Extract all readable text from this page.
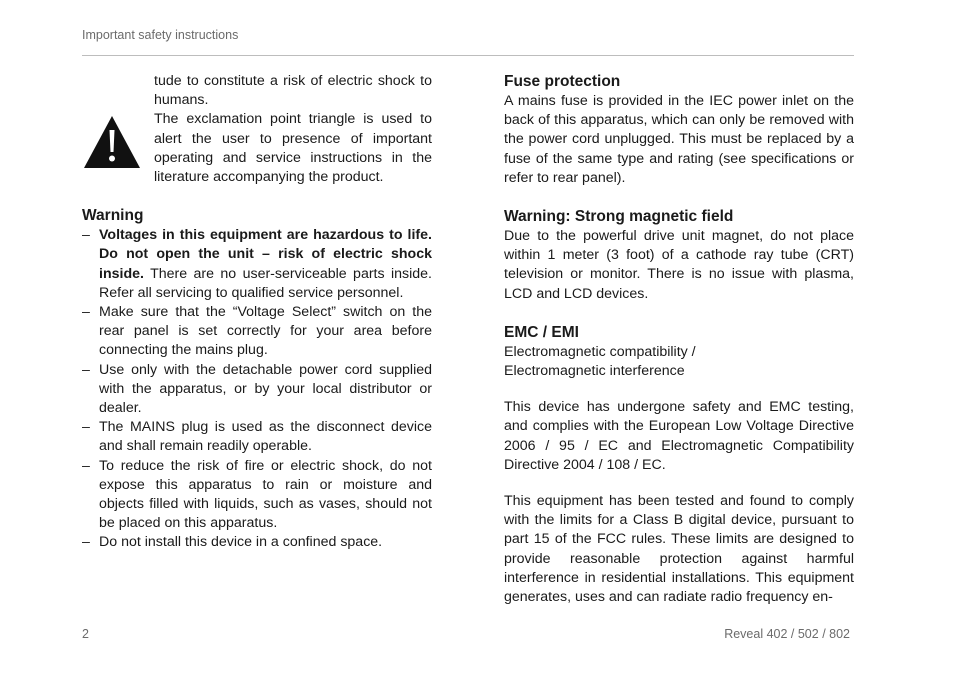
Important safety instructions

tude to constitute a risk of electric shock to humans.

The exclamation point triangle is used to alert the user to presence of important operating and service instructions in the literature accompanying the product.

Warning
– Voltages in this equipment are hazardous to life. Do not open the unit – risk of electric shock inside. There are no user-serviceable parts inside. Refer all servicing to qualified service personnel.
– Make sure that the “Voltage Select” switch on the rear panel is set correctly for your area before connecting the mains plug.
– Use only with the detachable power cord supplied with the apparatus, or by your local distributor or dealer.
– The MAINS plug is used as the disconnect device and shall remain readily operable.
– To reduce the risk of fire or electric shock, do not expose this apparatus to rain or moisture and objects filled with liquids, such as vases, should not be placed on this apparatus.
– Do not install this device in a confined space.
Fuse protection

A mains fuse is provided in the IEC power inlet on the back of this apparatus, which can only be removed with the power cord unplugged. This must be replaced by a fuse of the same type and rating (see specifications or refer to rear panel).

Warning: Strong magnetic field

Due to the powerful drive unit magnet, do not place within 1 meter (3 foot) of a cathode ray tube (CRT) television or monitor. There is no issue with plasma, LCD and LCD devices.

EMC / EMI

Electromagnetic compatibility /
Electromagnetic interference

This device has undergone safety and EMC testing, and complies with the European Low Voltage Directive 2006 / 95 / EC and Electromagnetic Compatibility Directive 2004 / 108 / EC.

This equipment has been tested and found to comply with the limits for a Class B digital device, pursuant to part 15 of the FCC rules. These limits are designed to provide reasonable protection against harmful interference in residential installations. This equipment generates, uses and can radiate radio frequency en-

2	Reveal 402 / 502 / 802
